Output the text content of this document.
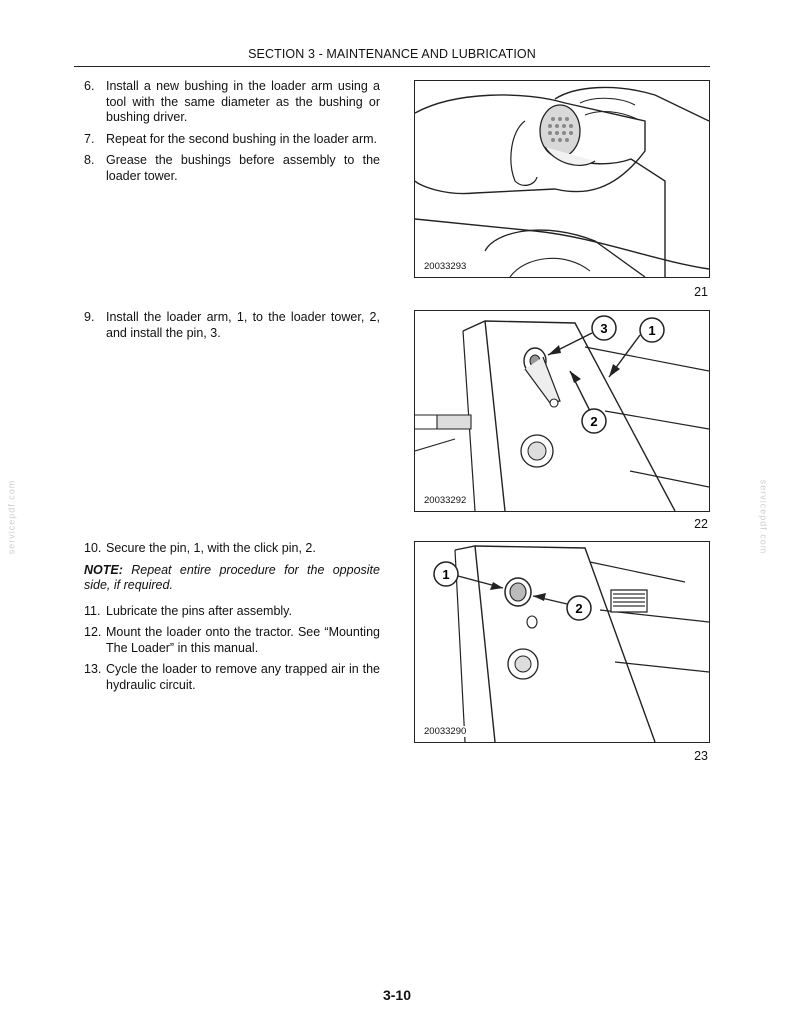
SECTION 3 - MAINTENANCE AND LUBRICATION
6. Install a new bushing in the loader arm using a tool with the same diameter as the bushing or bushing driver.
7. Repeat for the second bushing in the loader arm.
8. Grease the bushings before assembly to the loader tower.
9. Install the loader arm, 1, to the loader tower, 2, and install the pin, 3.
10. Secure the pin, 1, with the click pin, 2.
NOTE: Repeat entire procedure for the opposite side, if required.
11. Lubricate the pins after assembly.
12. Mount the loader onto the tractor. See “Mounting The Loader” in this manual.
13. Cycle the loader to remove any trapped air in the hydraulic circuit.
20033293
21
3	1
2
20033292
22
1
2
20033290
23
servicepdf.com	servicepdf.com
3-10
